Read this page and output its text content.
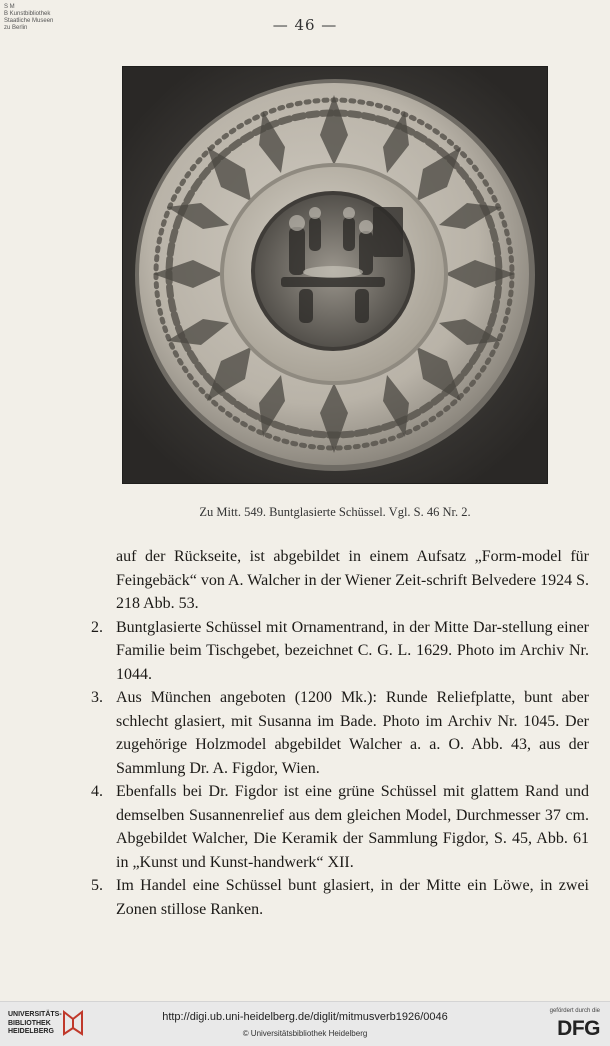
S M
B Kunstbibliothek
Staatliche Museen
zu Berlin	— 46 —
Zu Mitt. 549. Buntglasierte Schüssel. Vgl. S. 46 Nr. 2.

auf der Rückseite, ist abgebildet in einem Aufsatz „Form-model für Feingebäck“ von A. Walcher in der Wiener Zeit-schrift Belvedere 1924 S. 218 Abb. 53.

2. Buntglasierte Schüssel mit Ornamentrand, in der Mitte Dar-stellung einer Familie beim Tischgebet, bezeichnet C. G. L. 1629. Photo im Archiv Nr. 1044.
3. Aus München angeboten (1200 Mk.): Runde Reliefplatte, bunt aber schlecht glasiert, mit Susanna im Bade. Photo im Archiv Nr. 1045. Der zugehörige Holzmodel abgebildet Walcher a. a. O. Abb. 43, aus der Sammlung Dr. A. Figdor, Wien.
4. Ebenfalls bei Dr. Figdor ist eine grüne Schüssel mit glattem Rand und demselben Susannenrelief aus dem gleichen Model, Durchmesser 37 cm. Abgebildet Walcher, Die Keramik der Sammlung Figdor, S. 45, Abb. 61 in „Kunst und Kunst-handwerk“ XII.
5. Im Handel eine Schüssel bunt glasiert, in der Mitte ein Löwe, in zwei Zonen stillose Ranken.
UNIVERSITÄTS-
BIBLIOTHEK
HEIDELBERG
http://digi.ub.uni-heidelberg.de/diglit/mitmusverb1926/0046
© Universitätsbibliothek Heidelberg
gefördert durch die
DFG
